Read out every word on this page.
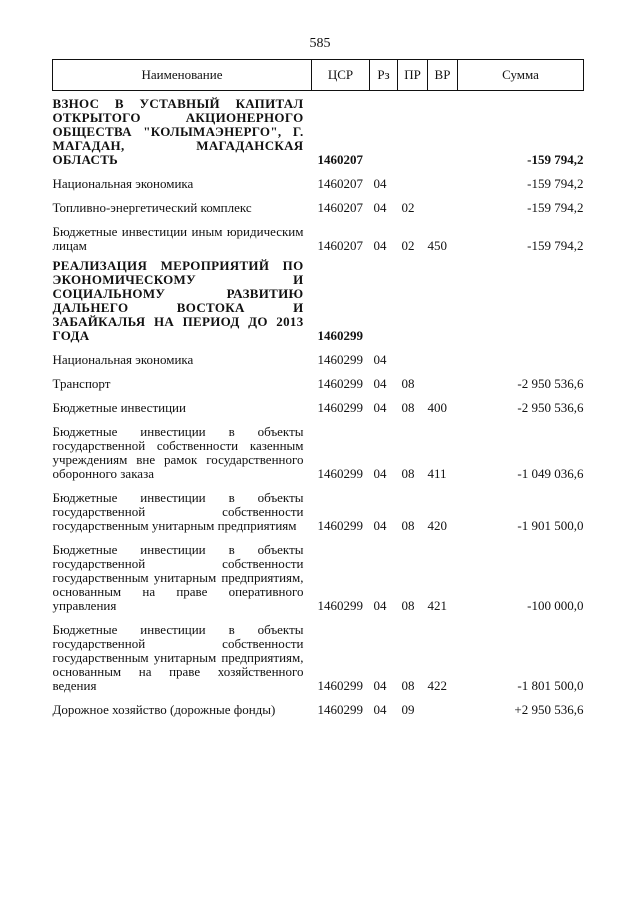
585
Наименование	ЦСР	Рз	ПР	ВР	Сумма

ВЗНОС В УСТАВНЫЙ КАПИТАЛ ОТКРЫТОГО АКЦИОНЕРНОГО ОБЩЕСТВА "КОЛЫМАЭНЕРГО", Г. МАГАДАН, МАГАДАНСКАЯ ОБЛАСТЬ	1460207				-159 794,2

Национальная экономика	1460207	04			-159 794,2

Топливно-энергетический комплекс	1460207	04	02		-159 794,2

Бюджетные инвестиции иным юридическим лицам	1460207	04	02	450	-159 794,2

РЕАЛИЗАЦИЯ МЕРОПРИЯТИЙ ПО ЭКОНОМИЧЕСКОМУ И СОЦИАЛЬНОМУ РАЗВИТИЮ ДАЛЬНЕГО ВОСТОКА И ЗАБАЙКАЛЬЯ НА ПЕРИОД ДО 2013 ГОДА	1460299				

Национальная экономика	1460299	04			

Транспорт	1460299	04	08		-2 950 536,6

Бюджетные инвестиции	1460299	04	08	400	-2 950 536,6

Бюджетные инвестиции в объекты государственной собственности казенным учреждениям вне рамок государственного оборонного заказа	1460299	04	08	411	-1 049 036,6

Бюджетные инвестиции в объекты государственной собственности государственным унитарным предприятиям	1460299	04	08	420	-1 901 500,0

Бюджетные инвестиции в объекты государственной собственности государственным унитарным предприятиям, основанным на праве оперативного управления	1460299	04	08	421	-100 000,0

Бюджетные инвестиции в объекты государственной собственности государственным унитарным предприятиям, основанным на праве хозяйственного ведения	1460299	04	08	422	-1 801 500,0

Дорожное хозяйство (дорожные фонды)	1460299	04	09		+2 950 536,6
